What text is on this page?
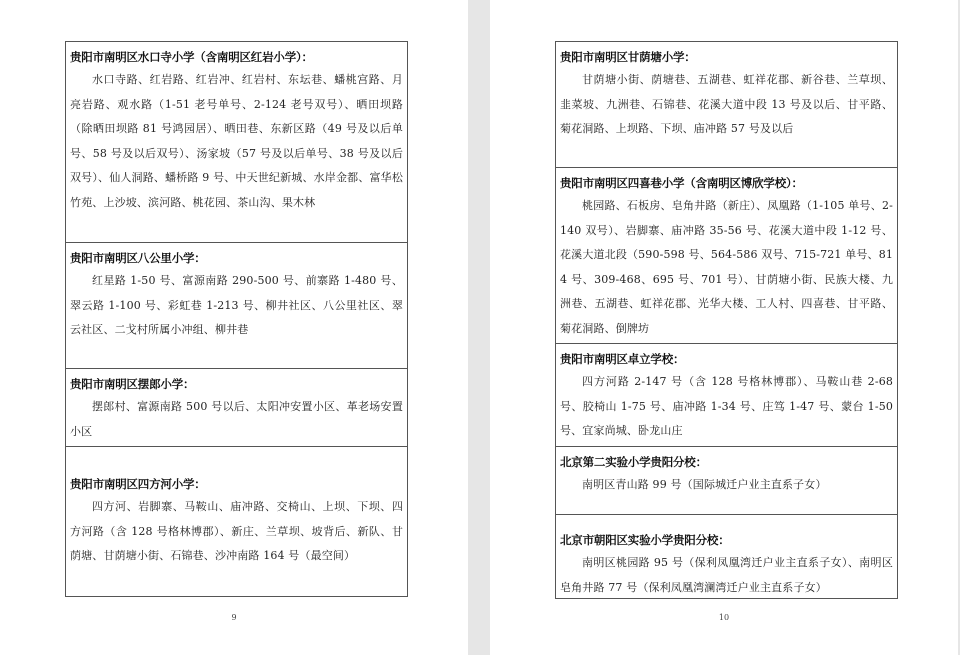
贵阳市南明区水口寺小学（含南明区红岩小学）：
水口寺路、红岩路、红岩冲、红岩村、东坛巷、蟠桃宫路、月亮岩路、观水路（1-51 老号单号、2-124 老号双号）、晒田坝路（除晒田坝路 81 号鸿园居）、晒田巷、东新区路（49 号及以后单号、58 号及以后双号）、汤家坡（57 号及以后单号、38 号及以后双号）、仙人洞路、蟠桥路 9 号、中天世纪新城、水岸金都、富华松竹苑、上沙坡、滨河路、桃花园、茶山沟、果木林
贵阳市南明区八公里小学：
红星路 1-50 号、富源南路 290-500 号、前寨路 1-480 号、翠云路 1-100 号、彩虹巷 1-213 号、柳井社区、八公里社区、翠云社区、二戈村所属小冲组、柳井巷
贵阳市南明区摆郎小学：
摆郎村、富源南路 500 号以后、太阳冲安置小区、革老场安置小区
贵阳市南明区四方河小学：
四方河、岩脚寨、马鞍山、庙冲路、交椅山、上坝、下坝、四方河路（含 128 号格林博郡）、新庄、兰草坝、坡背后、新队、甘荫塘、甘荫塘小街、石锦巷、沙冲南路 164 号（最空间）
9
贵阳市南明区甘荫塘小学：
甘荫塘小街、荫塘巷、五湖巷、虹祥花郡、新谷巷、兰草坝、韭菜坡、九洲巷、石锦巷、花溪大道中段 13 号及以后、甘平路、菊花洞路、上坝路、下坝、庙冲路 57 号及以后
贵阳市南明区四喜巷小学（含南明区博欣学校）：
桃园路、石板房、皂角井路（新庄）、凤凰路（1-105 单号、2-140 双号）、岩脚寨、庙冲路 35-56 号、花溪大道中段 1-12 号、花溪大道北段（590-598 号、564-586 双号、715-721 单号、814 号、309-468、695 号、701 号）、甘荫塘小街、民族大楼、九洲巷、五湖巷、虹祥花郡、光华大楼、工人村、四喜巷、甘平路、菊花洞路、倒牌坊
贵阳市南明区卓立学校：
四方河路 2-147 号（含 128 号格林博郡）、马鞍山巷 2-68 号、胶椅山 1-75 号、庙冲路 1-34 号、庄笃 1-47 号、蒙台 1-50 号、宜家尚城、卧龙山庄
北京第二实验小学贵阳分校：
南明区青山路 99 号（国际城迁户业主直系子女）
北京市朝阳区实验小学贵阳分校：
南明区桃园路 95 号（保利凤凰湾迁户业主直系子女）、南明区皂角井路 77 号（保利凤凰湾澜湾迁户业主直系子女）
10
